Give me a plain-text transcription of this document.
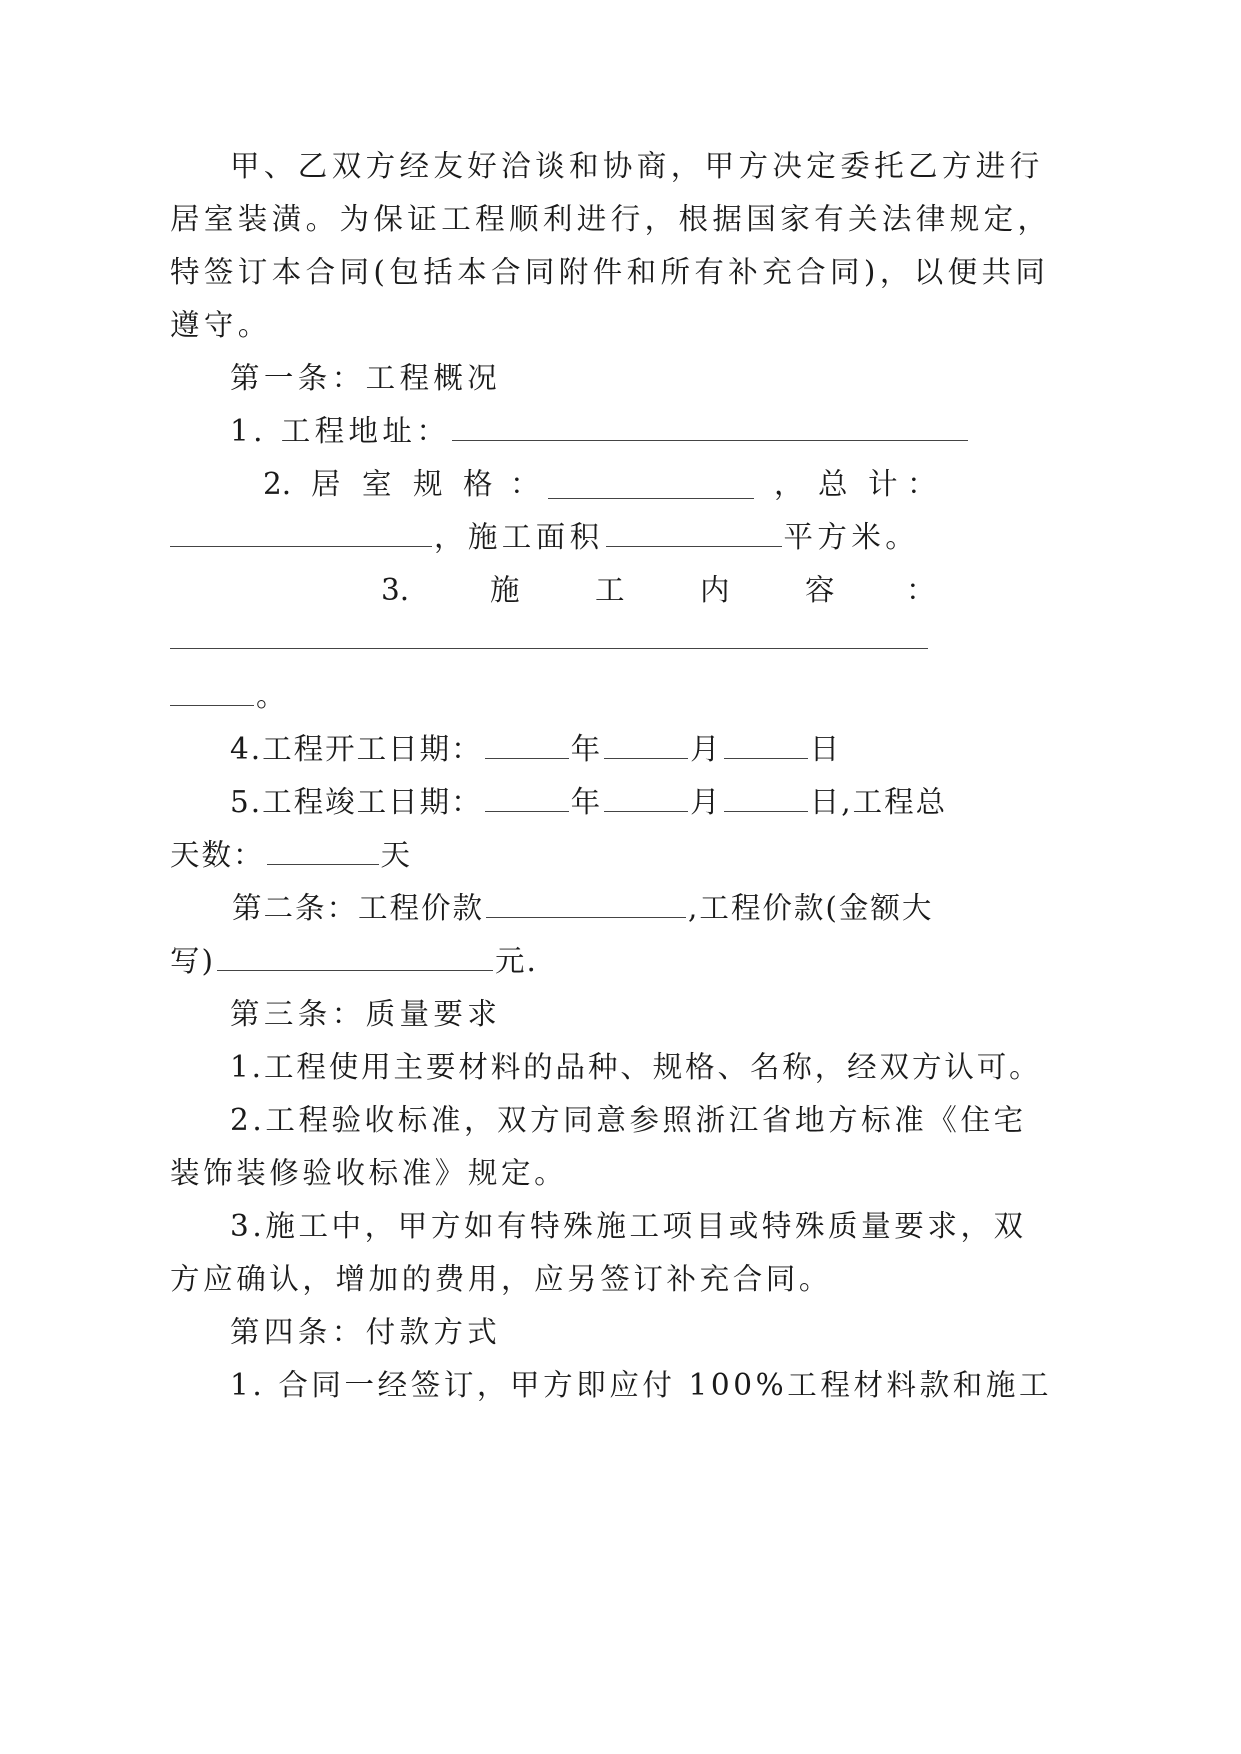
甲、乙双方经友好洽谈和协商，甲方决定委托乙方进行
居室装潢。为保证工程顺利进行，根据国家有关法律规定，
特签订本合同(包括本合同附件和所有补充合同)，以便共同
遵守。
第一条：工程概况
1. 工程地址：
2. 居 室 规 格 ：	， 总 计 ：
，施工面积	平方米。
3.	施	工	内	容 ：
。
4.工程开工日期：	年	月	日
5.工程竣工日期：	年	月	日,工程总
天数：	天
第二条：工程价款	,工程价款(金额大
写)	元.
第三条：质量要求
1.工程使用主要材料的品种、规格、名称，经双方认可。
2.工程验收标准，双方同意参照浙江省地方标准《住宅
装饰装修验收标准》规定。
3.施工中，甲方如有特殊施工项目或特殊质量要求，双
方应确认，增加的费用，应另签订补充合同。
第四条：付款方式
1. 合同一经签订，甲方即应付 100%工程材料款和施工
